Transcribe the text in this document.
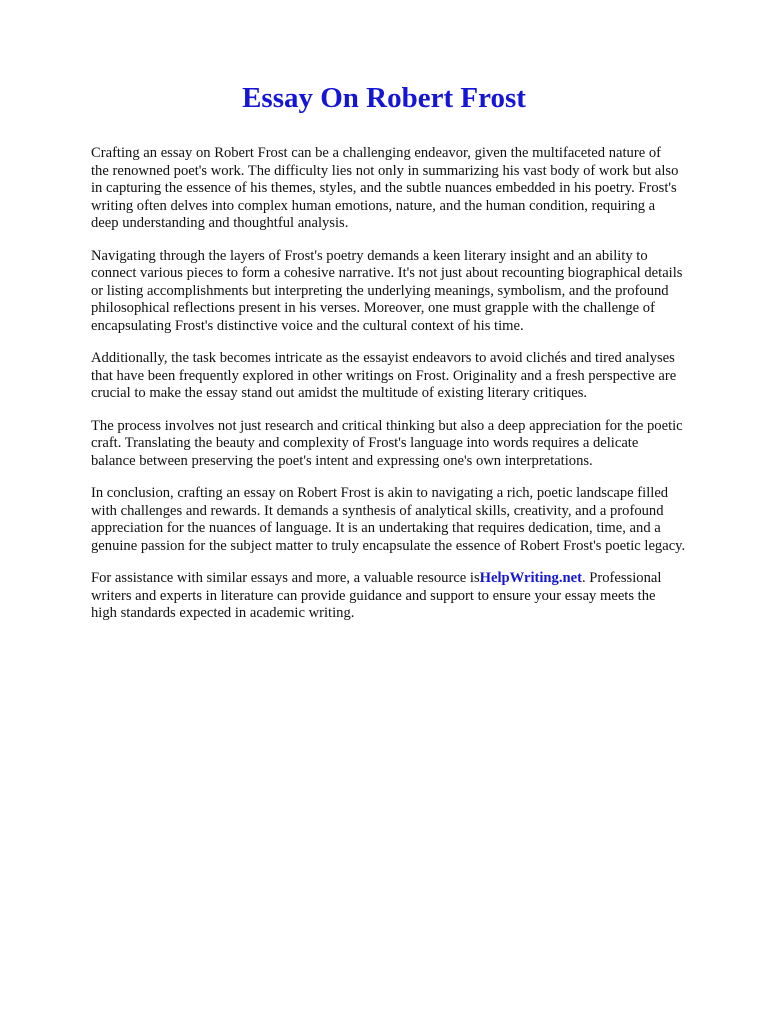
Essay On Robert Frost

Crafting an essay on Robert Frost can be a challenging endeavor, given the multifaceted nature of
the renowned poet's work. The difficulty lies not only in summarizing his vast body of work but also
in capturing the essence of his themes, styles, and the subtle nuances embedded in his poetry. Frost's
writing often delves into complex human emotions, nature, and the human condition, requiring a
deep understanding and thoughtful analysis.

Navigating through the layers of Frost's poetry demands a keen literary insight and an ability to
connect various pieces to form a cohesive narrative. It's not just about recounting biographical details
or listing accomplishments but interpreting the underlying meanings, symbolism, and the profound
philosophical reflections present in his verses. Moreover, one must grapple with the challenge of
encapsulating Frost's distinctive voice and the cultural context of his time.

Additionally, the task becomes intricate as the essayist endeavors to avoid clichés and tired analyses
that have been frequently explored in other writings on Frost. Originality and a fresh perspective are
crucial to make the essay stand out amidst the multitude of existing literary critiques.

The process involves not just research and critical thinking but also a deep appreciation for the poetic
craft. Translating the beauty and complexity of Frost's language into words requires a delicate
balance between preserving the poet's intent and expressing one's own interpretations.

In conclusion, crafting an essay on Robert Frost is akin to navigating a rich, poetic landscape filled
with challenges and rewards. It demands a synthesis of analytical skills, creativity, and a profound
appreciation for the nuances of language. It is an undertaking that requires dedication, time, and a
genuine passion for the subject matter to truly encapsulate the essence of Robert Frost's poetic legacy.

For assistance with similar essays and more, a valuable resource isHelpWriting.net. Professional
writers and experts in literature can provide guidance and support to ensure your essay meets the
high standards expected in academic writing.
